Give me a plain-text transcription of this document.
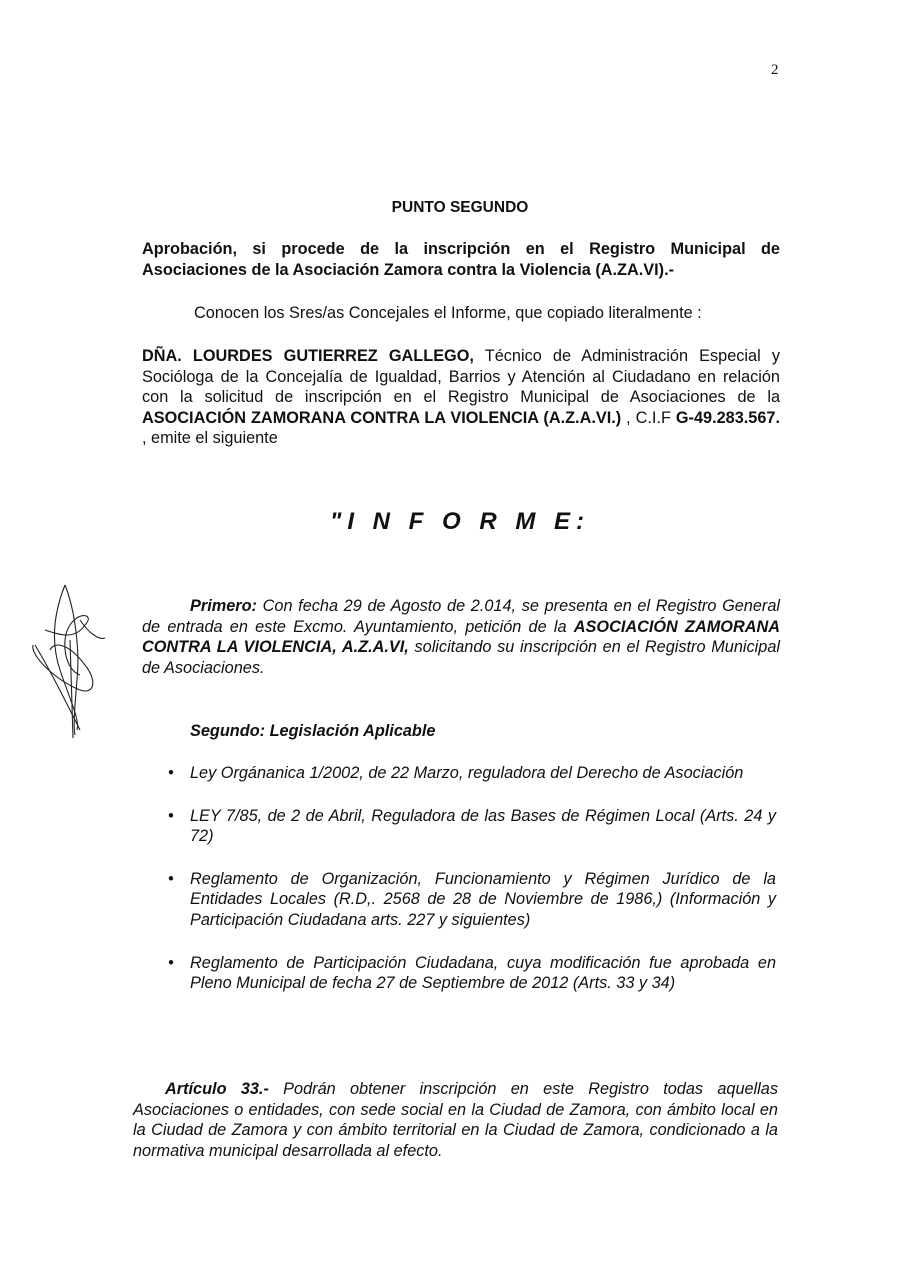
2
PUNTO SEGUNDO
Aprobación, si procede de la inscripción en el Registro Municipal de Asociaciones de la Asociación Zamora contra la Violencia (A.ZA.VI).-
Conocen los Sres/as Concejales el Informe, que copiado literalmente :
DÑA. LOURDES GUTIERREZ GALLEGO, Técnico de Administración Especial y Socióloga de la Concejalía de Igualdad, Barrios y Atención al Ciudadano en relación con la solicitud de inscripción en el Registro Municipal de Asociaciones de la ASOCIACIÓN ZAMORANA CONTRA LA VIOLENCIA (A.Z.A.VI.) , C.I.F G-49.283.567. , emite el siguiente
"I N F O R M E:
Primero: Con fecha 29 de Agosto de 2.014, se presenta en el Registro General de entrada en este Excmo. Ayuntamiento, petición de la ASOCIACIÓN ZAMORANA CONTRA LA VIOLENCIA, A.Z.A.VI, solicitando su inscripción en el Registro Municipal de Asociaciones.
Segundo: Legislación Aplicable
• Ley Orgánanica 1/2002, de 22 Marzo, reguladora del Derecho de Asociación
• LEY 7/85, de 2 de Abril, Reguladora de las Bases de Régimen Local (Arts. 24 y 72)
• Reglamento de Organización, Funcionamiento y Régimen Jurídico de la Entidades Locales (R.D,. 2568 de 28 de Noviembre de 1986,) (Información y Participación Ciudadana arts. 227 y siguientes)
• Reglamento de Participación Ciudadana, cuya modificación fue aprobada en Pleno Municipal de fecha 27 de Septiembre de 2012 (Arts. 33 y 34)
Artículo 33.- Podrán obtener inscripción en este Registro todas aquellas Asociaciones o entidades, con sede social en la Ciudad de Zamora, con ámbito local en la Ciudad de Zamora y con ámbito territorial en la Ciudad de Zamora, condicionado a la normativa municipal desarrollada al efecto.
